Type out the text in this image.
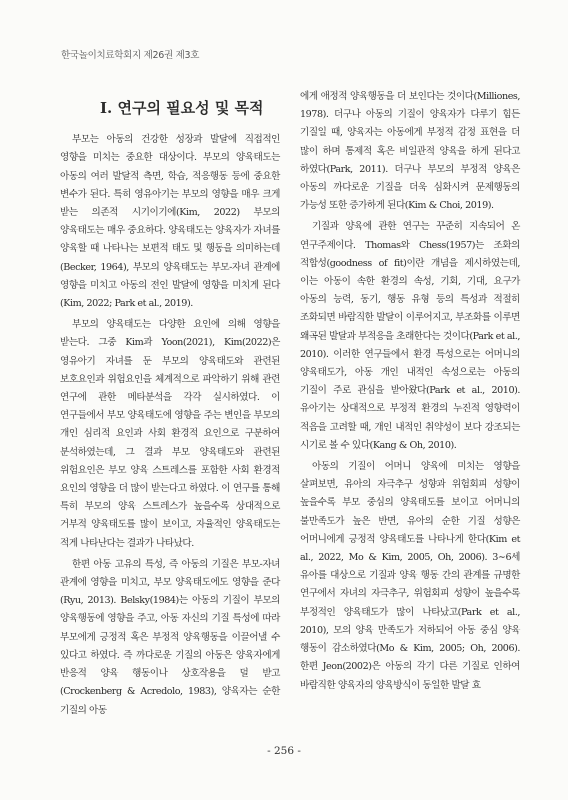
한국놀이치료학회지 제26권 제3호
Ⅰ. 연구의 필요성 및 목적

부모는 아동의 건강한 성장과 발달에 직접적인 영향을 미치는 중요한 대상이다. 부모의 양육태도는 아동의 여러 발달적 측면, 학습, 적응행동 등에 중요한 변수가 된다. 특히 영유아기는 부모의 영향을 매우 크게 받는 의존적 시기이기에(Kim, 2022) 부모의 양육태도는 매우 중요하다. 양육태도는 양육자가 자녀를 양육할 때 나타나는 보편적 태도 및 행동을 의미하는데(Becker, 1964), 부모의 양육태도는 부모-자녀 관계에 영향을 미치고 아동의 전인 발달에 영향을 미치게 된다(Kim, 2022; Park et al., 2019).

부모의 양육태도는 다양한 요인에 의해 영향을 받는다. 그중 Kim과 Yoon(2021), Kim(2022)은 영유아기 자녀를 둔 부모의 양육태도와 관련된 보호요인과 위험요인을 체계적으로 파악하기 위해 관련 연구에 관한 메타분석을 각각 실시하였다. 이 연구들에서 부모 양육태도에 영향을 주는 변인을 부모의 개인 심리적 요인과 사회 환경적 요인으로 구분하여 분석하였는데, 그 결과 부모 양육태도와 관련된 위험요인은 부모 양육 스트레스를 포함한 사회 환경적 요인의 영향을 더 많이 받는다고 하였다. 이 연구를 통해 특히 부모의 양육 스트레스가 높을수록 상대적으로 거부적 양육태도를 많이 보이고, 자율적인 양육태도는 적게 나타난다는 결과가 나타났다.

한편 아동 고유의 특성, 즉 아동의 기질은 부모-자녀 관계에 영향을 미치고, 부모 양육태도에도 영향을 준다(Ryu, 2013). Belsky(1984)는 아동의 기질이 부모의 양육행동에 영향을 주고, 아동 자신의 기질 특성에 따라 부모에게 긍정적 혹은 부정적 양육행동을 이끌어낼 수 있다고 하였다. 즉 까다로운 기질의 아동은 양육자에게 반응적 양육 행동이나 상호작용을 덜 받고(Crockenberg & Acredolo, 1983), 양육자는 순한 기질의 아동

에게 애정적 양육행동을 더 보인다는 것이다(Milliones, 1978). 더구나 아동의 기질이 양육자가 다루기 힘든 기질일 때, 양육자는 아동에게 부정적 감정 표현을 더 많이 하며 통제적 혹은 비일관적 양육을 하게 된다고 하였다(Park, 2011). 더구나 부모의 부정적 양육은 아동의 까다로운 기질을 더욱 심화시켜 문제행동의 가능성 또한 증가하게 된다(Kim & Choi, 2019).

기질과 양육에 관한 연구는 꾸준히 지속되어 온 연구주제이다. Thomas와 Chess(1957)는 조화의 적합성(goodness of fit)이란 개념을 제시하였는데, 이는 아동이 속한 환경의 속성, 기회, 기대, 요구가 아동의 능력, 동기, 행동 유형 등의 특성과 적절히 조화되면 바람직한 발달이 이루어지고, 부조화를 이루면 왜곡된 발달과 부적응을 초래한다는 것이다(Park et al., 2010). 이러한 연구들에서 환경 특성으로는 어머니의 양육태도가, 아동 개인 내적인 속성으로는 아동의 기질이 주로 관심을 받아왔다(Park et al., 2010). 유아기는 상대적으로 부정적 환경의 누진적 영향력이 적음을 고려할 때, 개인 내적인 취약성이 보다 강조되는 시기로 볼 수 있다(Kang & Oh, 2010).

아동의 기질이 어머니 양육에 미치는 영향을 살펴보면, 유아의 자극추구 성향과 위험회피 성향이 높을수록 부모 중심의 양육태도를 보이고 어머니의 불만족도가 높은 반면, 유아의 순한 기질 성향은 어머니에게 긍정적 양육태도를 나타나게 한다(Kim et al., 2022, Mo & Kim, 2005, Oh, 2006). 3∼6세 유아를 대상으로 기질과 양육 행동 간의 관계를 규명한 연구에서 자녀의 자극추구, 위험회피 성향이 높을수록 부정적인 양육태도가 많이 나타났고(Park et al., 2010), 모의 양육 만족도가 저하되어 아동 중심 양육 행동이 감소하였다(Mo & Kim, 2005; Oh, 2006). 한편 Jeon(2002)은 아동의 각기 다른 기질로 인하여 바람직한 양육자의 양육방식이 동일한 발달 효

- 256 -
